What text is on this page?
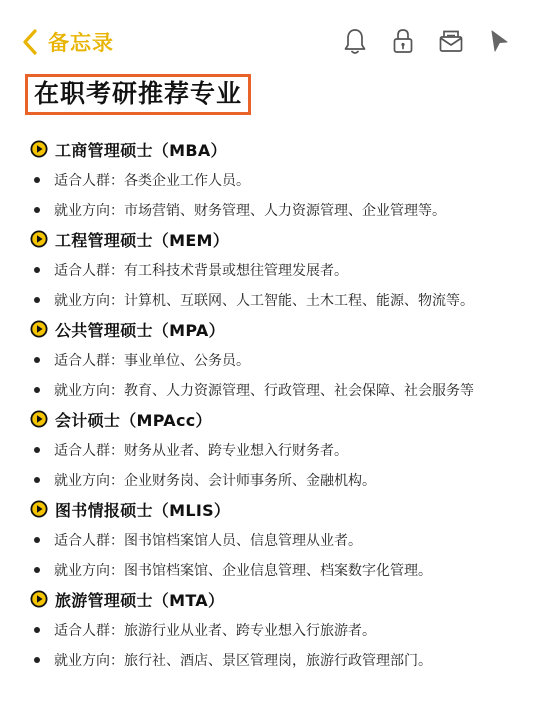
备忘录
在职考研推荐专业
工商管理硕士（MBA）
适合人群：各类企业工作人员。
就业方向：市场营销、财务管理、人力资源管理、企业管理等。
工程管理硕士（MEM）
适合人群：有工科技术背景或想往管理发展者。
就业方向：计算机、互联网、人工智能、土木工程、能源、物流等。
公共管理硕士（MPA）
适合人群：事业单位、公务员。
就业方向：教育、人力资源管理、行政管理、社会保障、社会服务等
会计硕士（MPAcc）
适合人群：财务从业者、跨专业想入行财务者。
就业方向：企业财务岗、会计师事务所、金融机构。
图书情报硕士（MLIS）
适合人群：图书馆档案馆人员、信息管理从业者。
就业方向：图书馆档案馆、企业信息管理、档案数字化管理。
旅游管理硕士（MTA）
适合人群：旅游行业从业者、跨专业想入行旅游者。
就业方向：旅行社、酒店、景区管理岗，旅游行政管理部门。
